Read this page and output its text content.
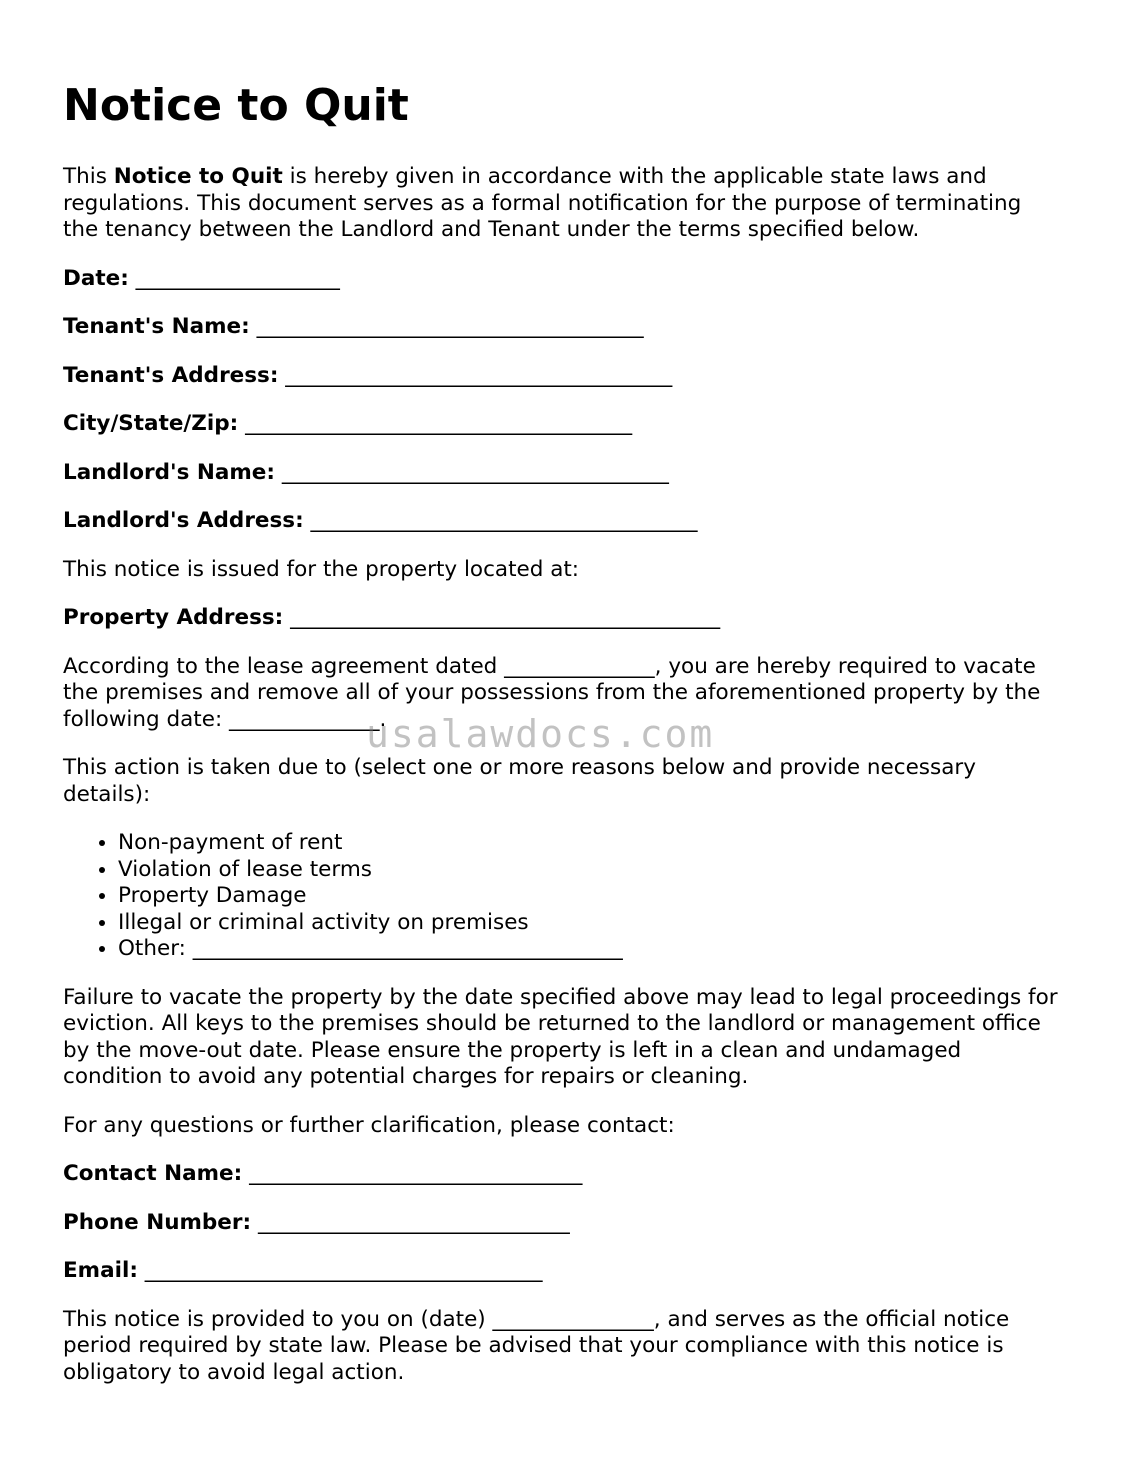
Notice to Quit

This Notice to Quit is hereby given in accordance with the applicable state laws and regulations. This document serves as a formal notification for the purpose of terminating the tenancy between the Landlord and Tenant under the terms specified below.

Date: ___________________
Tenant's Name: ____________________________________
Tenant's Address: ____________________________________
City/State/Zip: ____________________________________
Landlord's Name: ____________________________________
Landlord's Address: ____________________________________

This notice is issued for the property located at:

Property Address: ________________________________________

According to the lease agreement dated ______________, you are hereby required to vacate the premises and remove all of your possessions from the aforementioned property by the following date: ______________.

This action is taken due to (select one or more reasons below and provide necessary details):

• Non-payment of rent
• Violation of lease terms
• Property Damage
• Illegal or criminal activity on premises
• Other: ________________________________________

Failure to vacate the property by the date specified above may lead to legal proceedings for eviction. All keys to the premises should be returned to the landlord or management office by the move-out date. Please ensure the property is left in a clean and undamaged condition to avoid any potential charges for repairs or cleaning.

For any questions or further clarification, please contact:

Contact Name: _______________________________
Phone Number: _____________________________
Email: _____________________________________

This notice is provided to you on (date) _______________, and serves as the official notice period required by state law. Please be advised that your compliance with this notice is obligatory to avoid legal action.

usalawdocs.com
